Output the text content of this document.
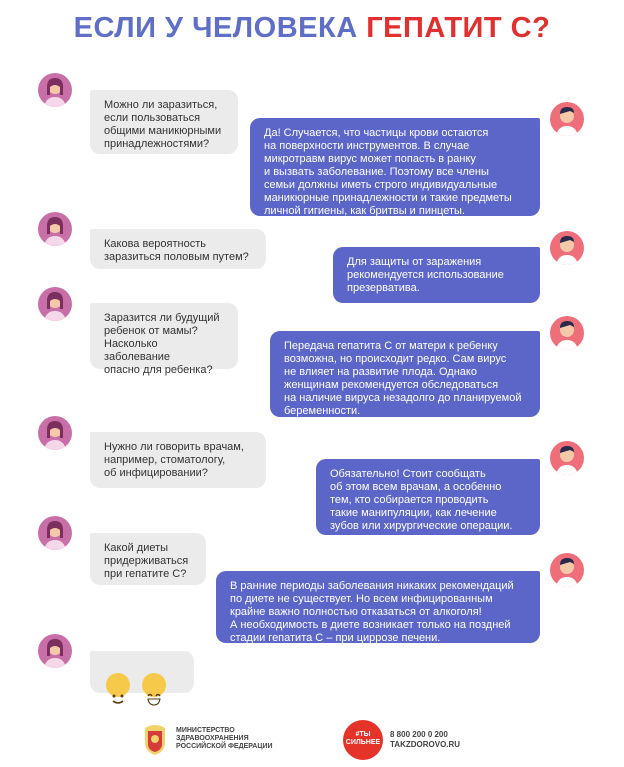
ЕСЛИ У ЧЕЛОВЕКА ГЕПАТИТ С?
Можно ли заразиться,
если пользоваться
общими маникюрными
принадлежностями?
Да! Случается, что частицы крови остаются
на поверхности инструментов. В случае
микротравм вирус может попасть в ранку
и вызвать заболевание. Поэтому все члены
семьи должны иметь строго индивидуальные
маникюрные принадлежности и такие предметы
личной гигиены, как бритвы и пинцеты.
Какова вероятность
заразиться половым путем?	Для защиты от заражения
рекомендуется использование
презерватива.
Заразится ли будущий
ребенок от мамы?
Насколько заболевание
опасно для ребенка?
Передача гепатита С от матери к ребенку
возможна, но происходит редко. Сам вирус
не влияет на развитие плода. Однако
женщинам рекомендуется обследоваться
на наличие вируса незадолго до планируемой
беременности.
Нужно ли говорить врачам,
например, стоматологу,
об инфицировании?	Обязательно! Стоит сообщать
об этом всем врачам, а особенно
тем, кто собирается проводить
такие манипуляции, как лечение
зубов или хирургические операции.
Какой диеты
придерживаться
при гепатите С?
В ранние периоды заболевания никаких рекомендаций
по диете не существует. Но всем инфицированным
крайне важно полностью отказаться от алкоголя!
А необходимость в диете возникает только на поздней
стадии гепатита С – при циррозе печени.

МИНИСТЕРСТВО
ЗДРАВООХРАНЕНИЯ
РОССИЙСКОЙ ФЕДЕРАЦИИ
#ТЫ
СИЛЬНЕЕ
8 800 200 0 200
TAKZDOROVO.RU
